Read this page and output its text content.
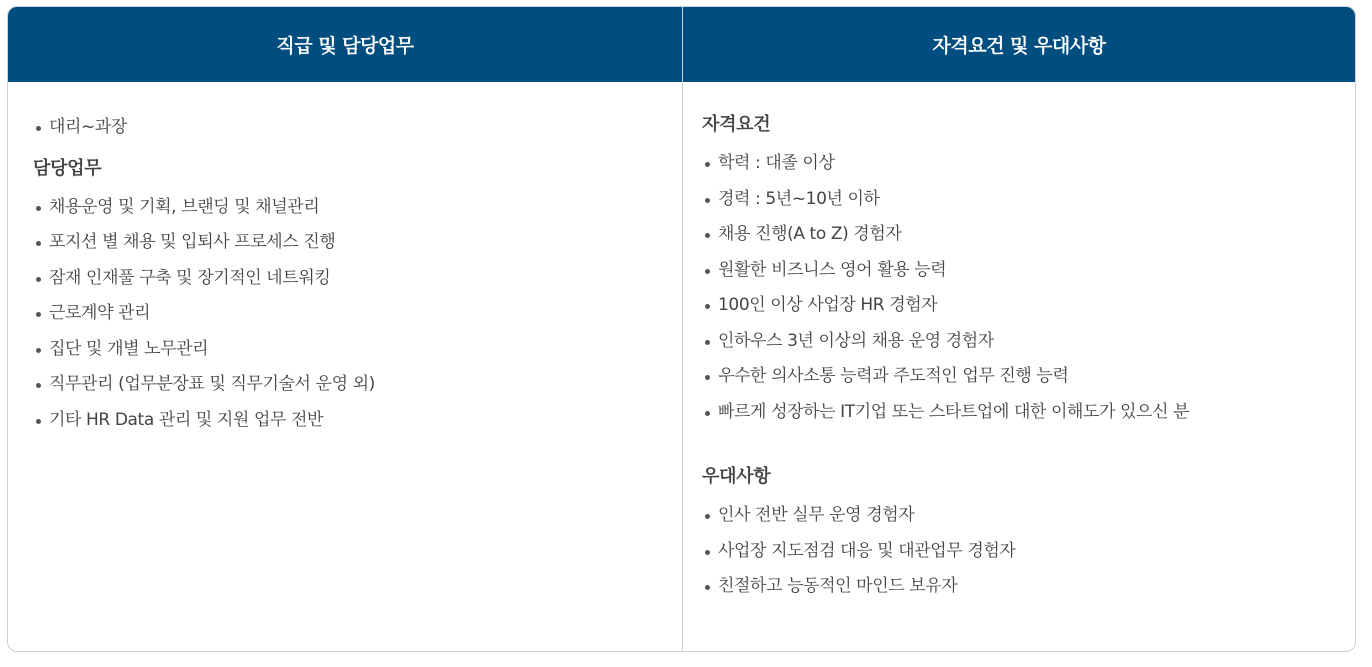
직급 및 담당업무
대리~과장
담당업무
채용운영 및 기획, 브랜딩 및 채널관리
포지션 별 채용 및 입퇴사 프로세스 진행
잠재 인재풀 구축 및 장기적인 네트워킹
근로계약 관리
집단 및 개별 노무관리
직무관리 (업무분장표 및 직무기술서 운영 외)
기타 HR Data 관리 및 지원 업무 전반
자격요건 및 우대사항
자격요건
학력 : 대졸 이상
경력 : 5년~10년 이하
채용 진행(A to Z) 경험자
원활한 비즈니스 영어 활용 능력
100인 이상 사업장 HR 경험자
인하우스 3년 이상의 채용 운영 경험자
우수한 의사소통 능력과 주도적인 업무 진행 능력
빠르게 성장하는 IT기업 또는 스타트업에 대한 이해도가 있으신 분
우대사항
인사 전반 실무 운영 경험자
사업장 지도점검 대응 및 대관업무 경험자
친절하고 능동적인 마인드 보유자
